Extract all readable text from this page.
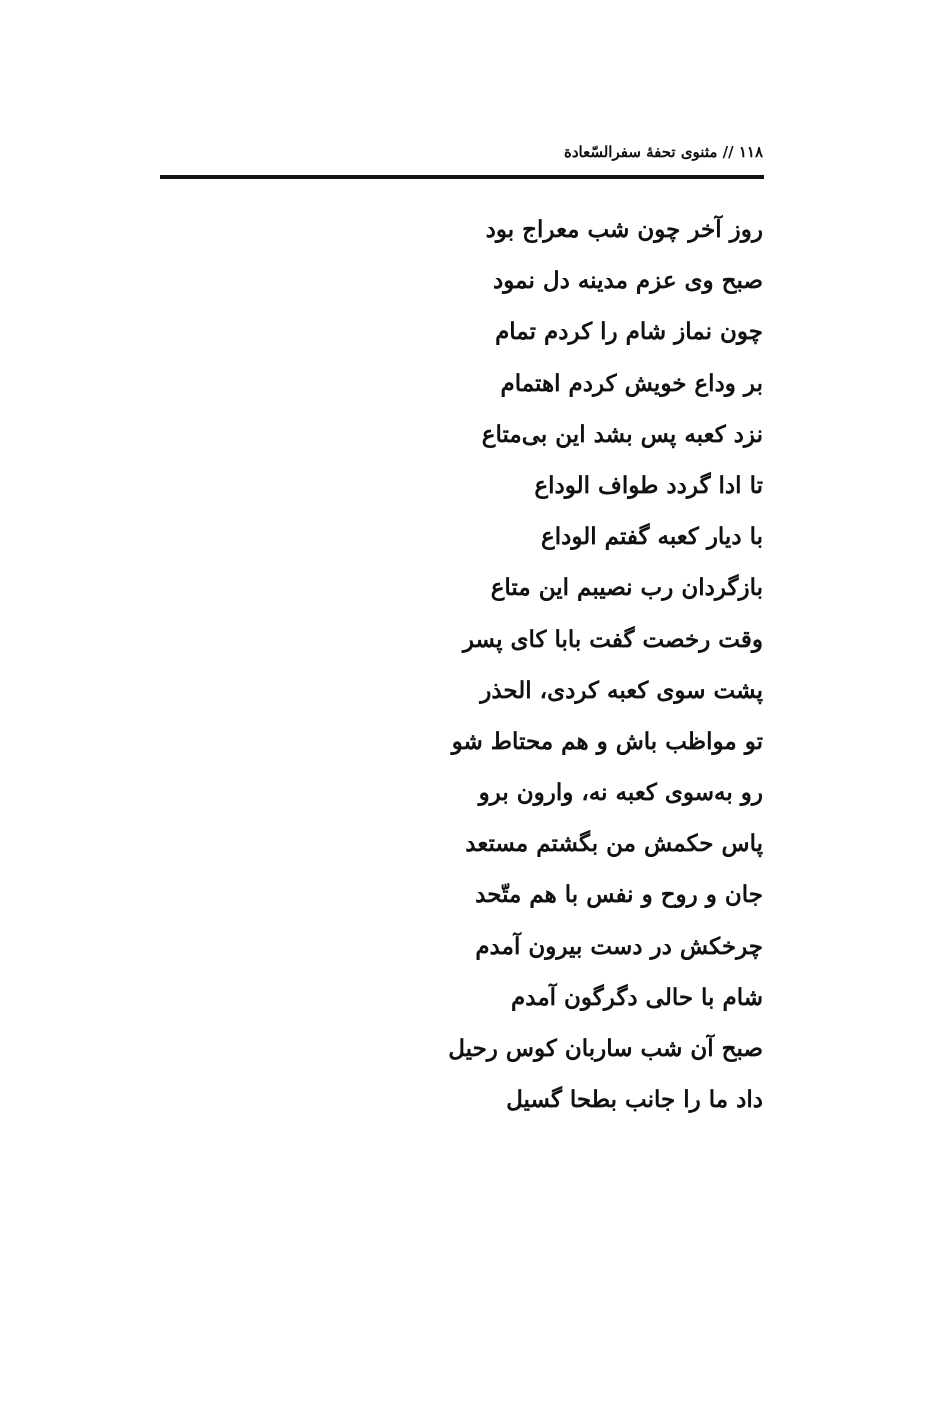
۱۱۸ // مثنوی تحفهٔ سفرالسّعادة
روز آخر چون شب معراج بود
صبح وی عزم مدینه دل نمود
چون نماز شام را کردم تمام
بر وداع خویش کردم اهتمام
نزد کعبه پس بشد این بی‌متاع
تا ادا گردد طواف الوداع
با دیار کعبه گفتم الوداع
بازگردان رب نصیبم این متاع
وقت رخصت گفت بابا کای پسر
پشت سوی کعبه کردی، الحذر
تو مواظب باش و هم محتاط شو
رو به‌سوی کعبه نه، وارون برو
پاس حکمش من بگشتم مستعد
جان و روح و نفس با هم متّحد
چرخکش در دست بیرون آمدم
شام با حالی دگرگون آمدم
صبح آن شب ساربان کوس رحیل
داد ما را جانب بطحا گسیل
